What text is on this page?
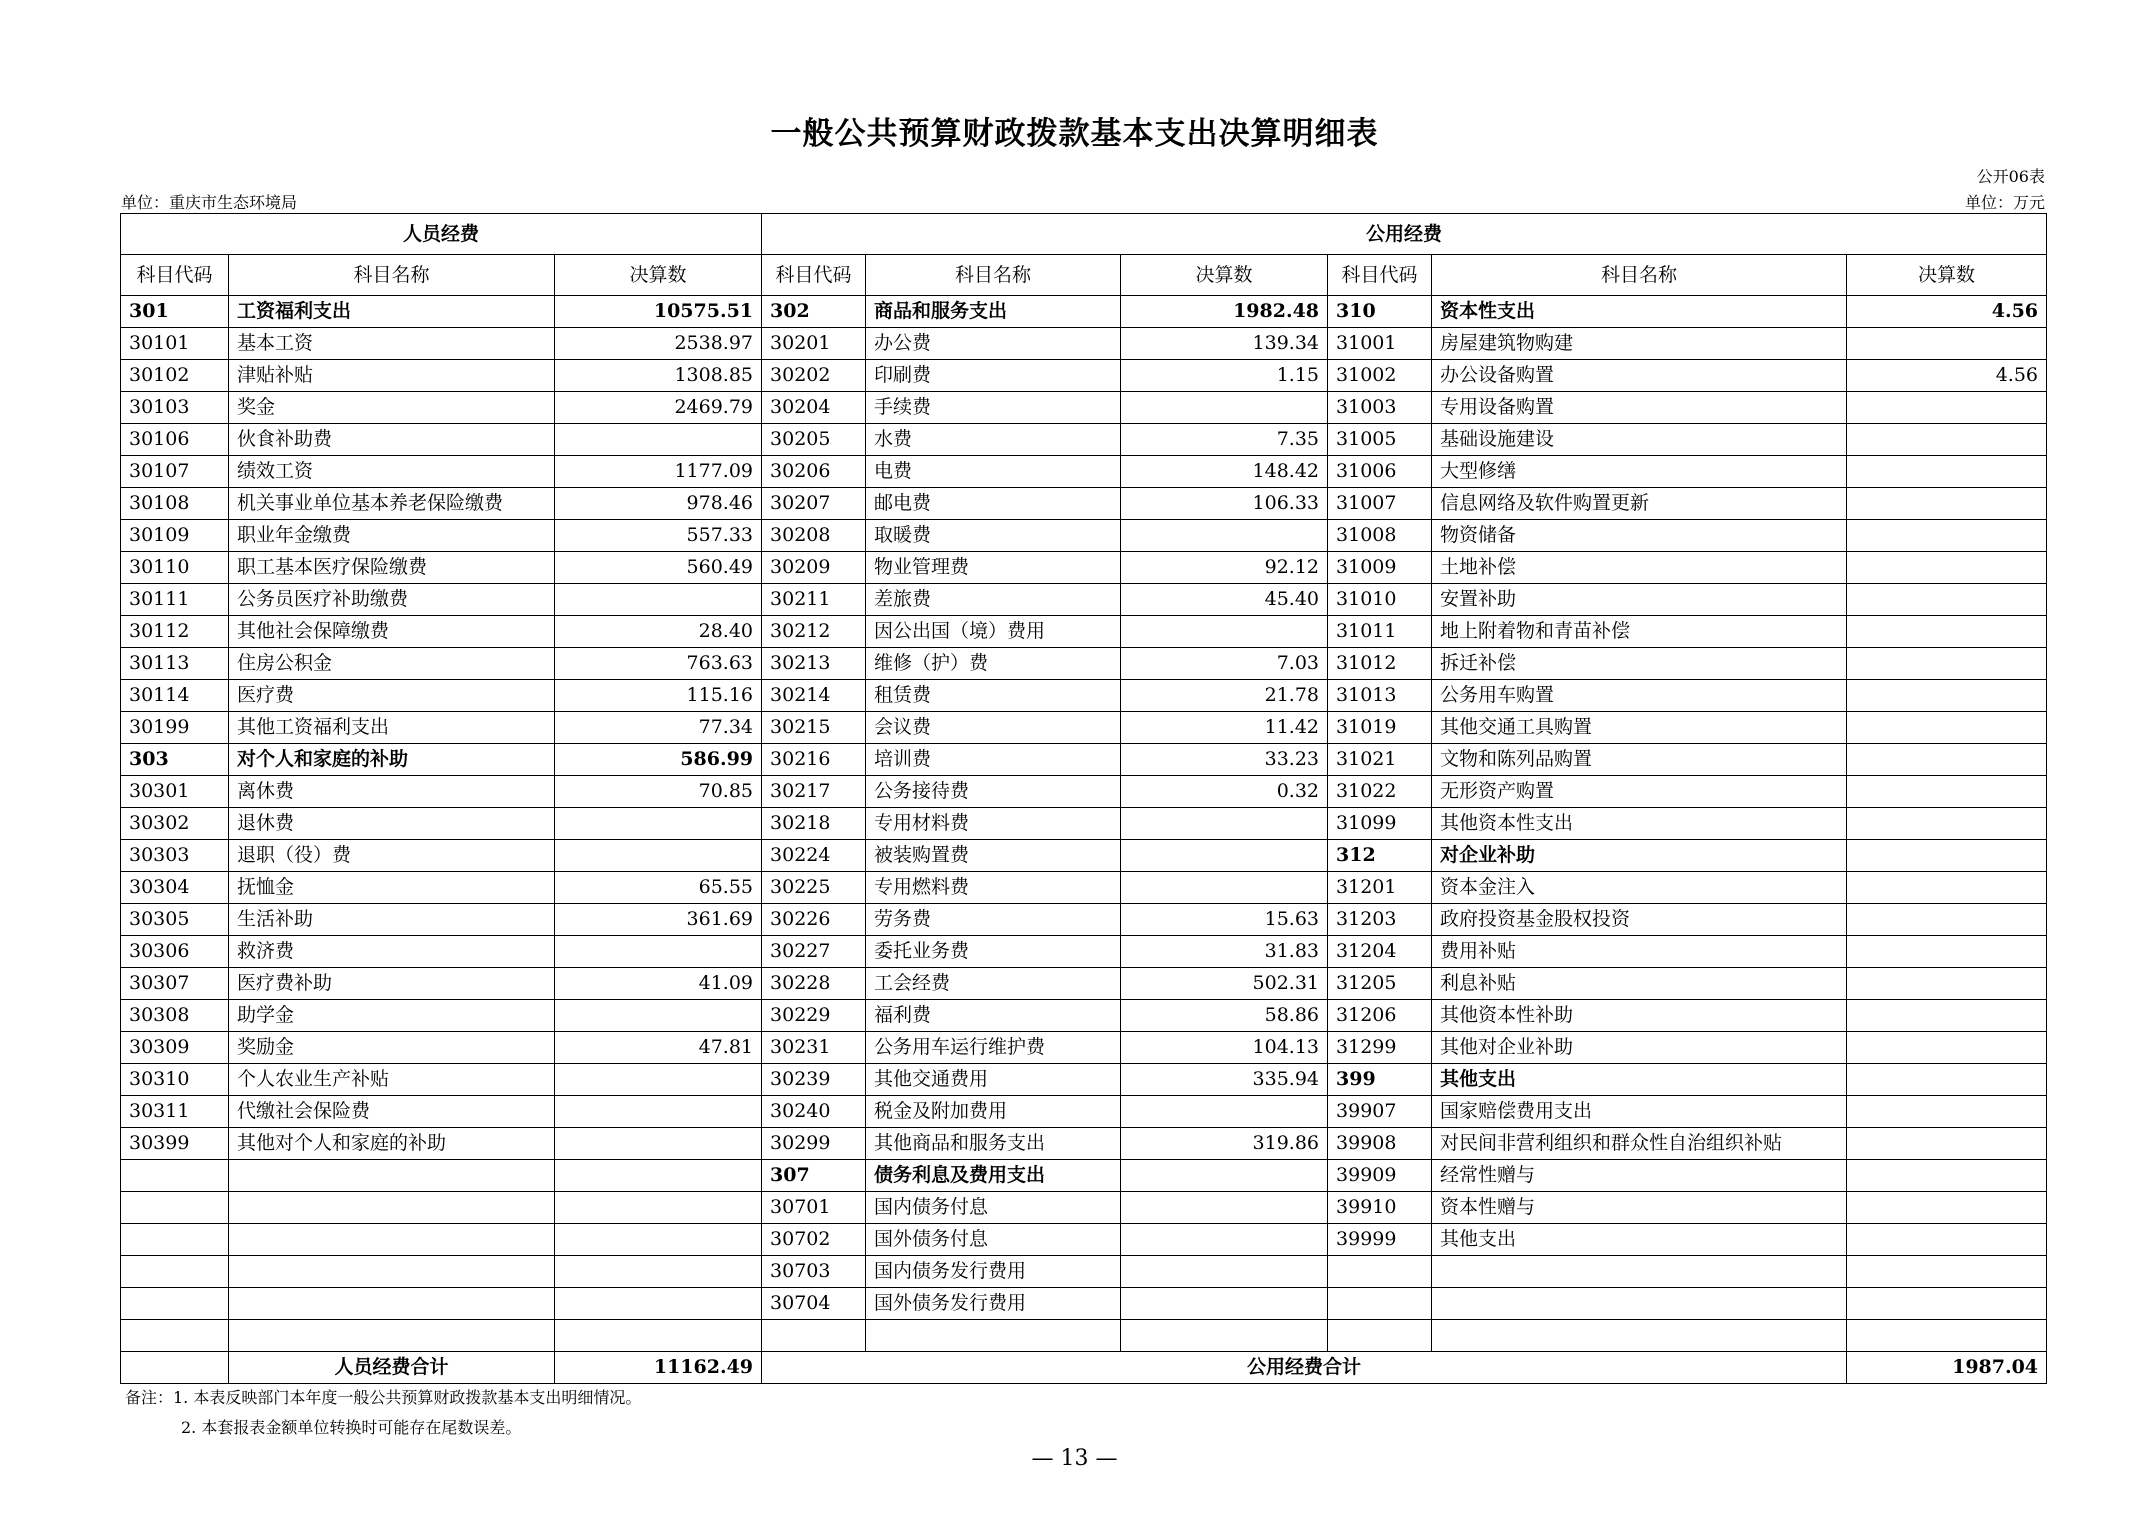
一般公共预算财政拨款基本支出决算明细表
公开06表
单位：重庆市生态环境局	单位：万元
人员经费			公用经费					
科目代码	科目名称	决算数	科目代码	科目名称	决算数	科目代码	科目名称	决算数
301	工资福利支出	10575.51	302	商品和服务支出	1982.48	310	资本性支出	4.56
30101	基本工资	2538.97	30201	办公费	139.34	31001	房屋建筑物购建	
30102	津贴补贴	1308.85	30202	印刷费	1.15	31002	办公设备购置	4.56
30103	奖金	2469.79	30204	手续费		31003	专用设备购置	
30106	伙食补助费		30205	水费	7.35	31005	基础设施建设	
30107	绩效工资	1177.09	30206	电费	148.42	31006	大型修缮	
30108	机关事业单位基本养老保险缴费	978.46	30207	邮电费	106.33	31007	信息网络及软件购置更新	
30109	职业年金缴费	557.33	30208	取暖费		31008	物资储备	
30110	职工基本医疗保险缴费	560.49	30209	物业管理费	92.12	31009	土地补偿	
30111	公务员医疗补助缴费		30211	差旅费	45.40	31010	安置补助	
30112	其他社会保障缴费	28.40	30212	因公出国（境）费用		31011	地上附着物和青苗补偿	
30113	住房公积金	763.63	30213	维修（护）费	7.03	31012	拆迁补偿	
30114	医疗费	115.16	30214	租赁费	21.78	31013	公务用车购置	
30199	其他工资福利支出	77.34	30215	会议费	11.42	31019	其他交通工具购置	
303	对个人和家庭的补助	586.99	30216	培训费	33.23	31021	文物和陈列品购置	
30301	离休费	70.85	30217	公务接待费	0.32	31022	无形资产购置	
30302	退休费		30218	专用材料费		31099	其他资本性支出	
30303	退职（役）费		30224	被装购置费		312	对企业补助	
30304	抚恤金	65.55	30225	专用燃料费		31201	资本金注入	
30305	生活补助	361.69	30226	劳务费	15.63	31203	政府投资基金股权投资	
30306	救济费		30227	委托业务费	31.83	31204	费用补贴	
30307	医疗费补助	41.09	30228	工会经费	502.31	31205	利息补贴	
30308	助学金		30229	福利费	58.86	31206	其他资本性补助	
30309	奖励金	47.81	30231	公务用车运行维护费	104.13	31299	其他对企业补助	
30310	个人农业生产补贴		30239	其他交通费用	335.94	399	其他支出	
30311	代缴社会保险费		30240	税金及附加费用		39907	国家赔偿费用支出	
30399	其他对个人和家庭的补助		30299	其他商品和服务支出	319.86	39908	对民间非营利组织和群众性自治组织补贴	
			307	债务利息及费用支出		39909	经常性赠与	
			30701	国内债务付息		39910	资本性赠与	
			30702	国外债务付息		39999	其他支出	
			30703	国内债务发行费用				
			30704	国外债务发行费用				

	人员经费合计	11162.49	公用经费合计					1987.04
备注：1. 本表反映部门本年度一般公共预算财政拨款基本支出明细情况。
2. 本套报表金额单位转换时可能存在尾数误差。
— 13 —
